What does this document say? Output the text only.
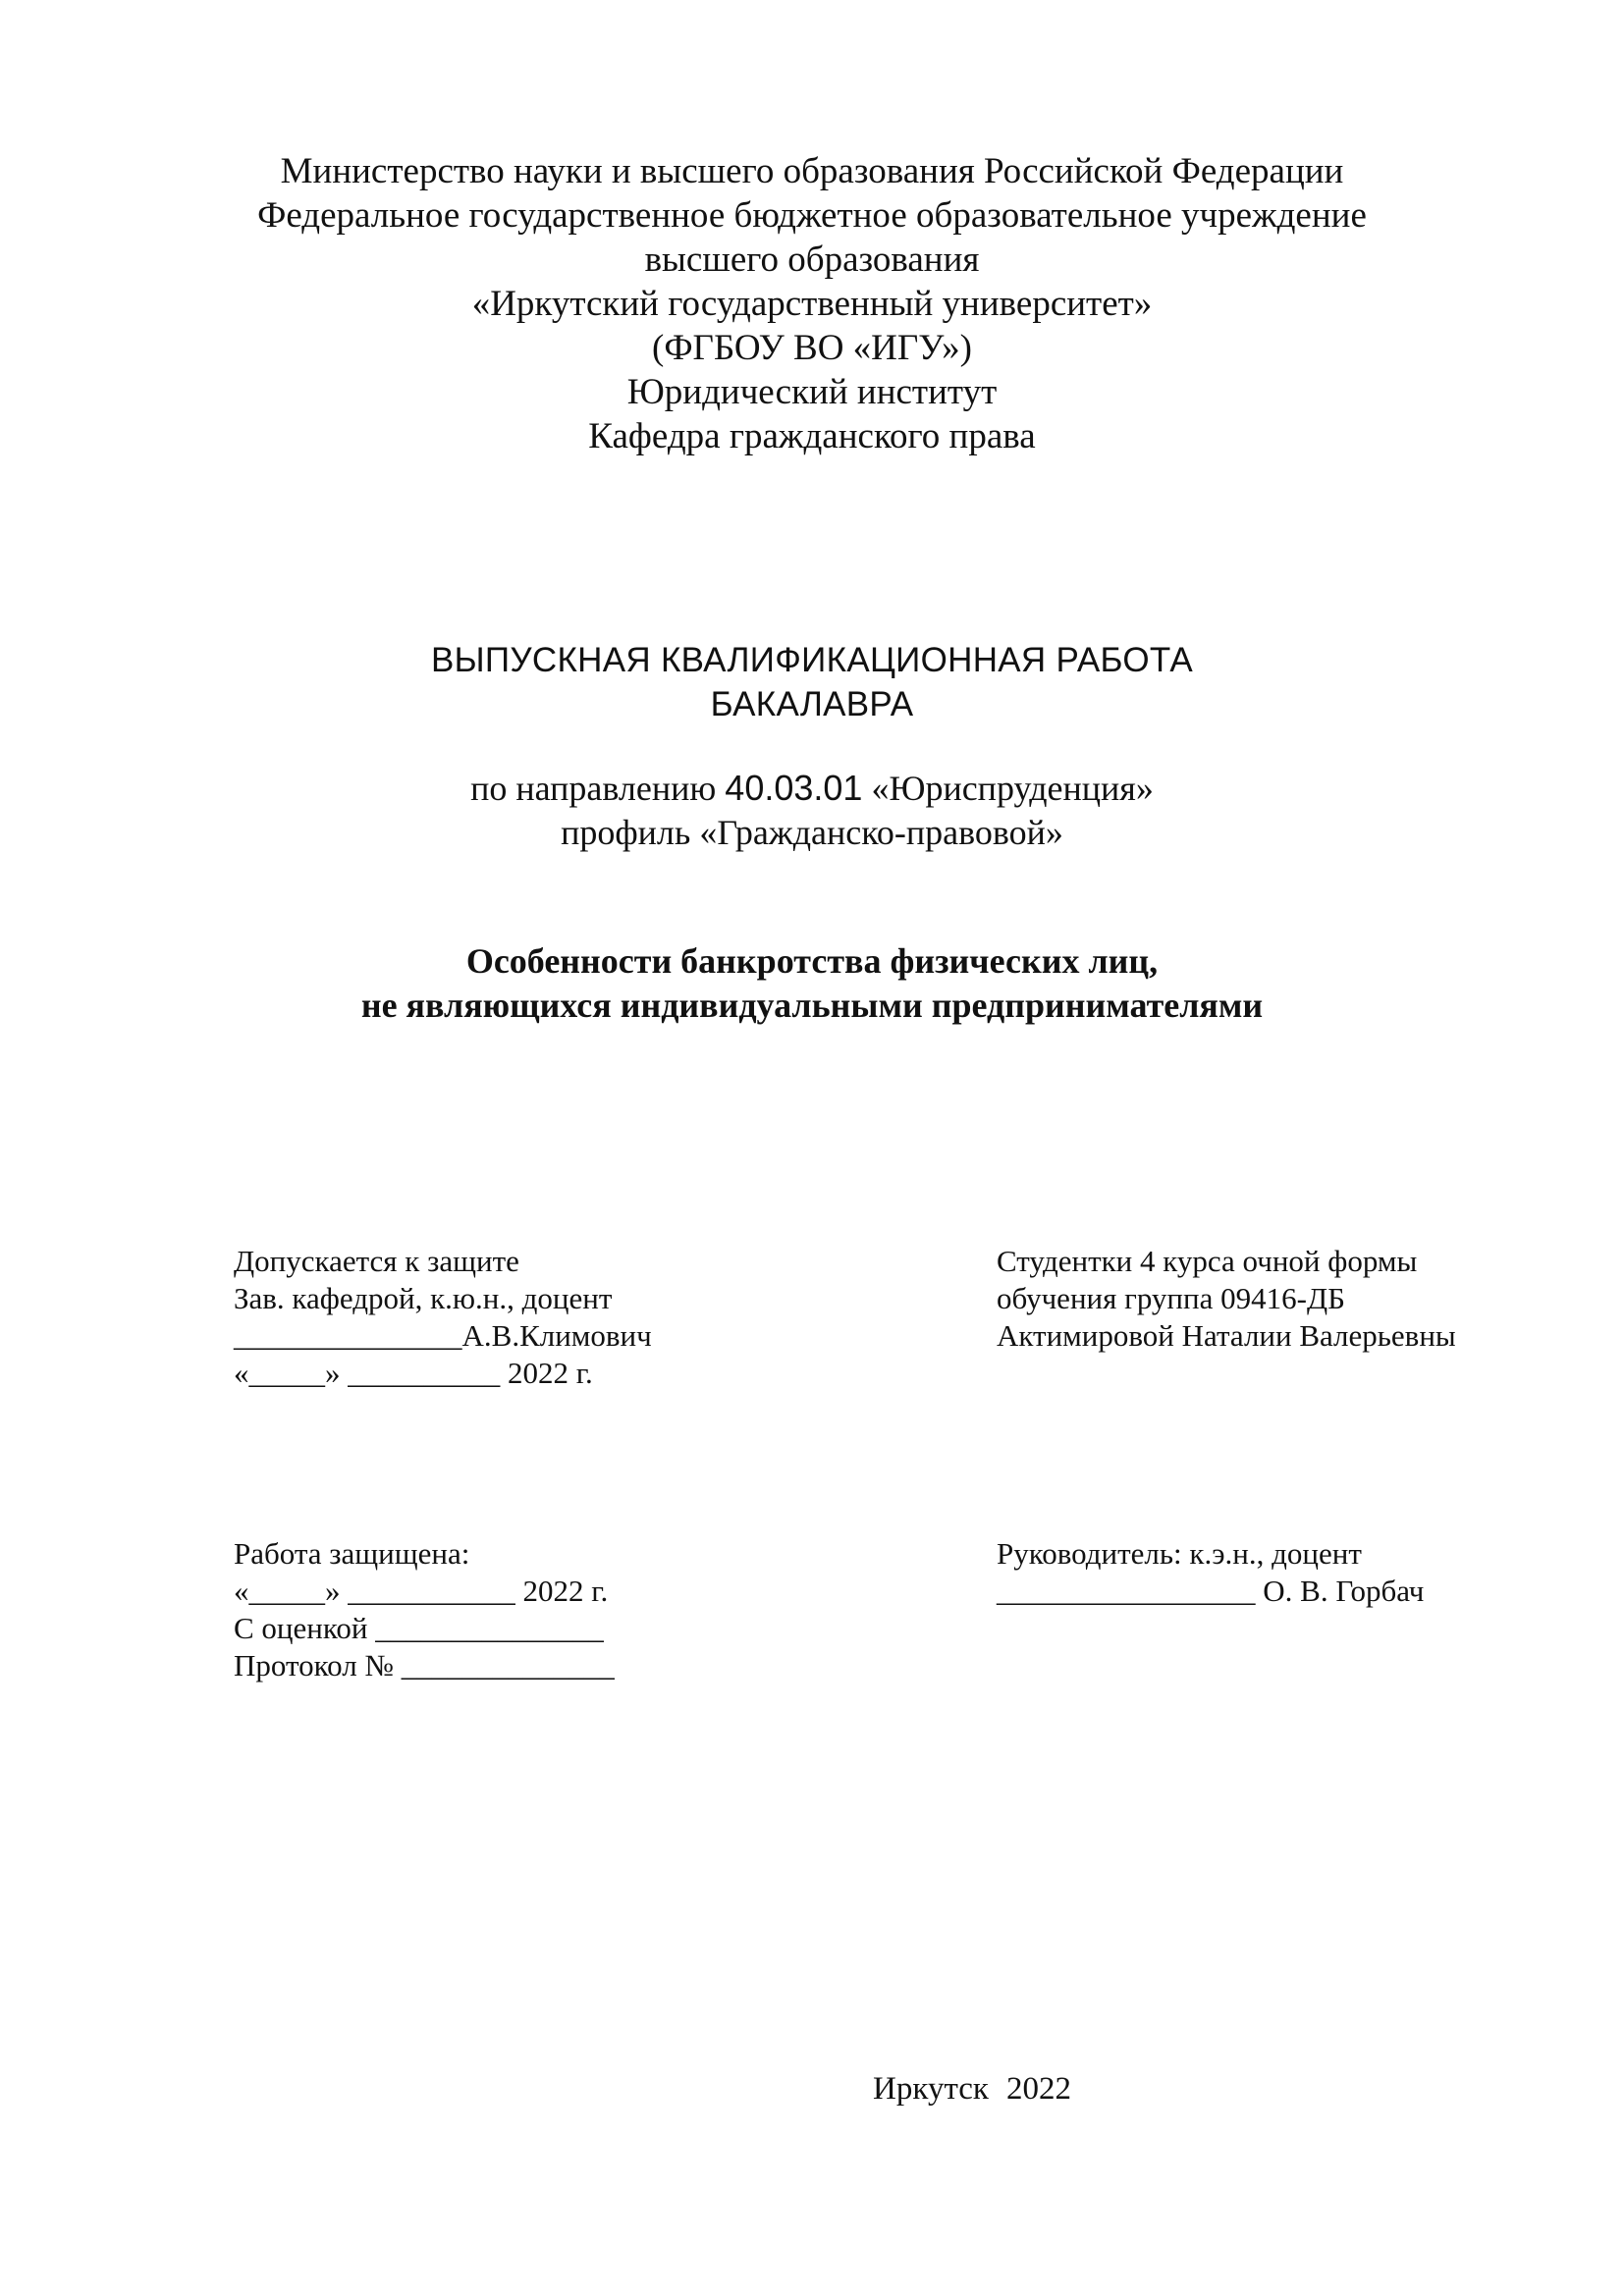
Министерство науки и высшего образования Российской Федерации
Федеральное государственное бюджетное образовательное учреждение
высшего образования
«Иркутский государственный университет»
(ФГБОУ ВО «ИГУ»)
Юридический институт
Кафедра гражданского права
ВЫПУСКНАЯ КВАЛИФИКАЦИОННАЯ РАБОТА
БАКАЛАВРА
по направлению 40.03.01 «Юриспруденция»
профиль «Гражданско-правовой»
Особенности банкротства физических лиц,
не являющихся индивидуальными предпринимателями
Допускается к защите
Зав. кафедрой, к.ю.н., доцент
_______________А.В.Климович
«_____» __________ 2022 г.
Студентки 4 курса очной формы
обучения группа 09416-ДБ
Актимировой Наталии Валерьевны
Работа защищена:
«_____» ___________ 2022 г.
С оценкой _______________
Протокол № ______________
Руководитель: к.э.н., доцент
_________________ О. В. Горбач
Иркутск 2022
